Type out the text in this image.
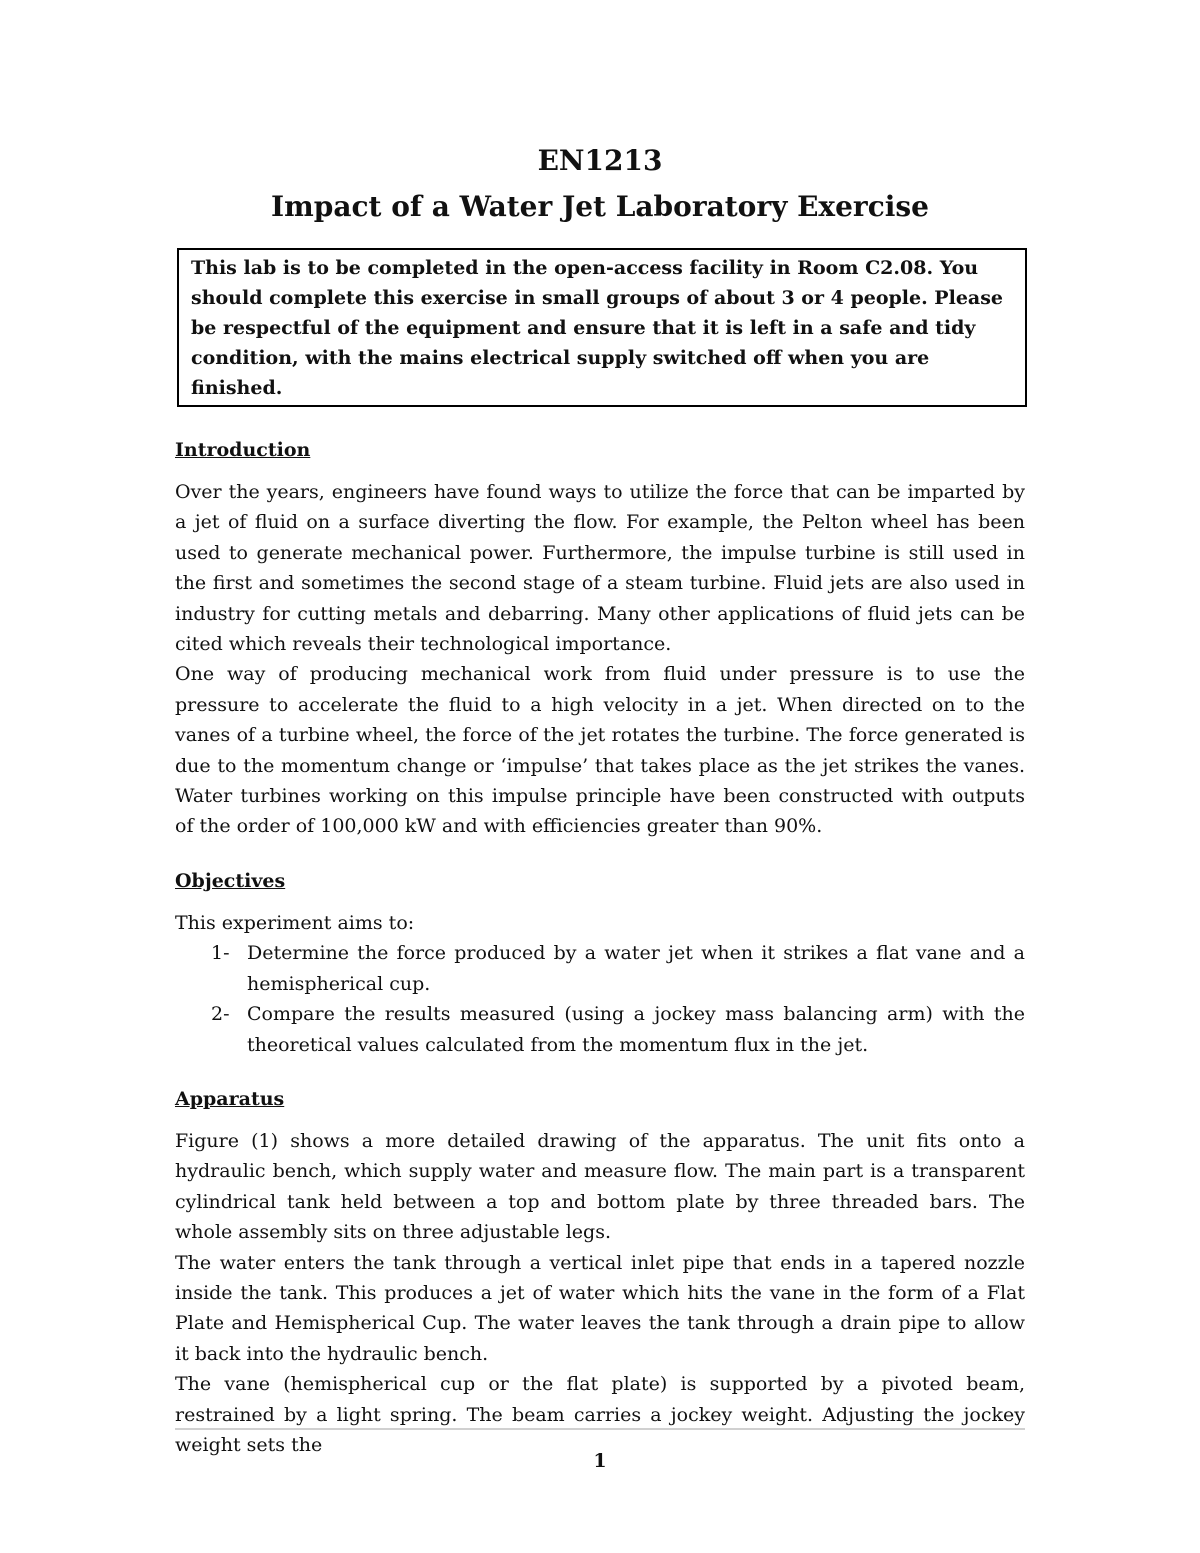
EN1213
Impact of a Water Jet Laboratory Exercise
This lab is to be completed in the open-access facility in Room C2.08. You should complete this exercise in small groups of about 3 or 4 people. Please be respectful of the equipment and ensure that it is left in a safe and tidy condition, with the mains electrical supply switched off when you are finished.
Introduction

Over the years, engineers have found ways to utilize the force that can be imparted by a jet of fluid on a surface diverting the flow. For example, the Pelton wheel has been used to generate mechanical power. Furthermore, the impulse turbine is still used in the first and sometimes the second stage of a steam turbine. Fluid jets are also used in industry for cutting metals and debarring. Many other applications of fluid jets can be cited which reveals their technological importance.

One way of producing mechanical work from fluid under pressure is to use the pressure to accelerate the fluid to a high velocity in a jet. When directed on to the vanes of a turbine wheel, the force of the jet rotates the turbine. The force generated is due to the momentum change or ‘impulse’ that takes place as the jet strikes the vanes. Water turbines working on this impulse principle have been constructed with outputs of the order of 100,000 kW and with efficiencies greater than 90%.

Objectives

This experiment aims to:

1- Determine the force produced by a water jet when it strikes a flat vane and a hemispherical cup.
2- Compare the results measured (using a jockey mass balancing arm) with the theoretical values calculated from the momentum flux in the jet.
Apparatus

Figure (1) shows a more detailed drawing of the apparatus. The unit fits onto a hydraulic bench, which supply water and measure flow. The main part is a transparent cylindrical tank held between a top and bottom plate by three threaded bars. The whole assembly sits on three adjustable legs.

The water enters the tank through a vertical inlet pipe that ends in a tapered nozzle inside the tank. This produces a jet of water which hits the vane in the form of a Flat Plate and Hemispherical Cup. The water leaves the tank through a drain pipe to allow it back into the hydraulic bench.

The vane (hemispherical cup or the flat plate) is supported by a pivoted beam, restrained by a light spring. The beam carries a jockey weight. Adjusting the jockey weight sets the

1
